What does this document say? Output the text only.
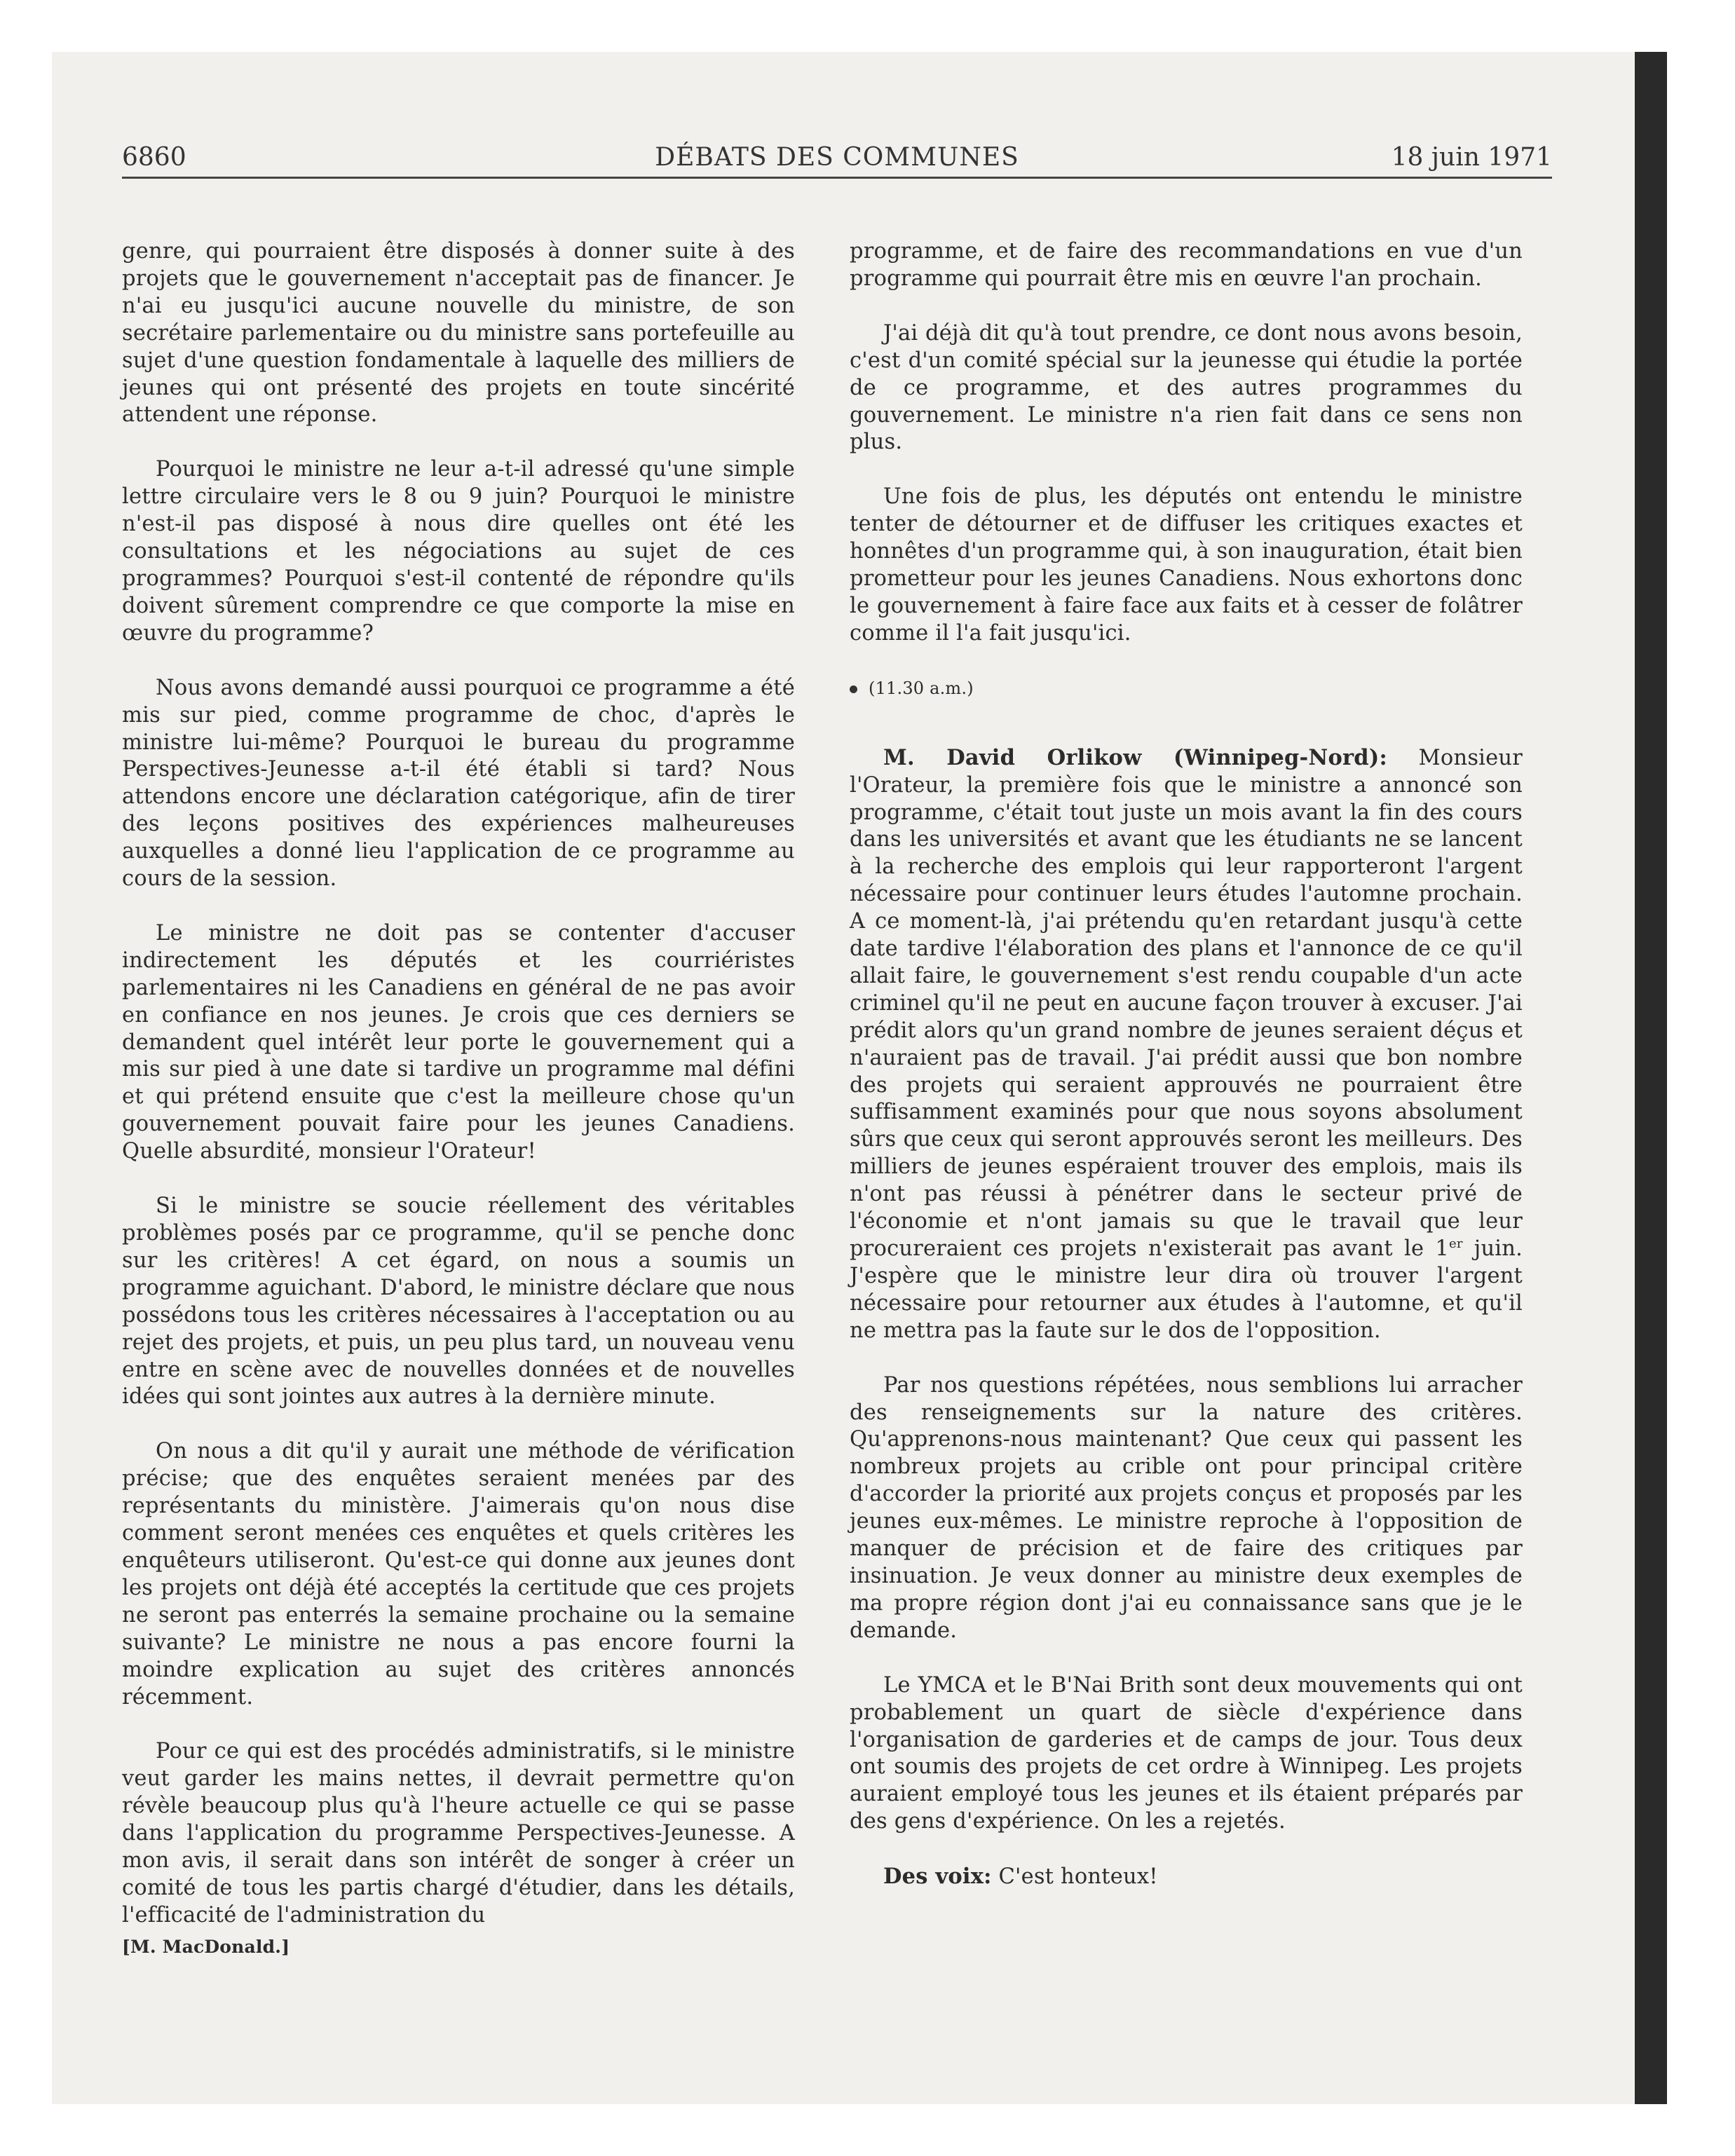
6860	DÉBATS DES COMMUNES	18 juin 1971

genre, qui pourraient être disposés à donner suite à des projets que le gouvernement n'acceptait pas de financer. Je n'ai eu jusqu'ici aucune nouvelle du ministre, de son secrétaire parlementaire ou du ministre sans portefeuille au sujet d'une question fondamentale à laquelle des milliers de jeunes qui ont présenté des projets en toute sincérité attendent une réponse.

Pourquoi le ministre ne leur a-t-il adressé qu'une simple lettre circulaire vers le 8 ou 9 juin? Pourquoi le ministre n'est-il pas disposé à nous dire quelles ont été les consultations et les négociations au sujet de ces programmes? Pourquoi s'est-il contenté de répondre qu'ils doivent sûrement comprendre ce que comporte la mise en œuvre du programme?

Nous avons demandé aussi pourquoi ce programme a été mis sur pied, comme programme de choc, d'après le ministre lui-même? Pourquoi le bureau du programme Perspectives-Jeunesse a-t-il été établi si tard? Nous attendons encore une déclaration catégorique, afin de tirer des leçons positives des expériences malheureuses auxquelles a donné lieu l'application de ce programme au cours de la session.

Le ministre ne doit pas se contenter d'accuser indirectement les députés et les courriéristes parlementaires ni les Canadiens en général de ne pas avoir en confiance en nos jeunes. Je crois que ces derniers se demandent quel intérêt leur porte le gouvernement qui a mis sur pied à une date si tardive un programme mal défini et qui prétend ensuite que c'est la meilleure chose qu'un gouvernement pouvait faire pour les jeunes Canadiens. Quelle absurdité, monsieur l'Orateur!

Si le ministre se soucie réellement des véritables problèmes posés par ce programme, qu'il se penche donc sur les critères! A cet égard, on nous a soumis un programme aguichant. D'abord, le ministre déclare que nous possédons tous les critères nécessaires à l'acceptation ou au rejet des projets, et puis, un peu plus tard, un nouveau venu entre en scène avec de nouvelles données et de nouvelles idées qui sont jointes aux autres à la dernière minute.

On nous a dit qu'il y aurait une méthode de vérification précise; que des enquêtes seraient menées par des représentants du ministère. J'aimerais qu'on nous dise comment seront menées ces enquêtes et quels critères les enquêteurs utiliseront. Qu'est-ce qui donne aux jeunes dont les projets ont déjà été acceptés la certitude que ces projets ne seront pas enterrés la semaine prochaine ou la semaine suivante? Le ministre ne nous a pas encore fourni la moindre explication au sujet des critères annoncés récemment.

Pour ce qui est des procédés administratifs, si le ministre veut garder les mains nettes, il devrait permettre qu'on révèle beaucoup plus qu'à l'heure actuelle ce qui se passe dans l'application du programme Perspectives-Jeunesse. A mon avis, il serait dans son intérêt de songer à créer un comité de tous les partis chargé d'étudier, dans les détails, l'efficacité de l'administration du

[M. MacDonald.]

programme, et de faire des recommandations en vue d'un programme qui pourrait être mis en œuvre l'an prochain.

J'ai déjà dit qu'à tout prendre, ce dont nous avons besoin, c'est d'un comité spécial sur la jeunesse qui étudie la portée de ce programme, et des autres programmes du gouvernement. Le ministre n'a rien fait dans ce sens non plus.

Une fois de plus, les députés ont entendu le ministre tenter de détourner et de diffuser les critiques exactes et honnêtes d'un programme qui, à son inauguration, était bien prometteur pour les jeunes Canadiens. Nous exhortons donc le gouvernement à faire face aux faits et à cesser de folâtrer comme il l'a fait jusqu'ici.

(11.30 a.m.)

M. David Orlikow (Winnipeg-Nord): Monsieur l'Orateur, la première fois que le ministre a annoncé son programme, c'était tout juste un mois avant la fin des cours dans les universités et avant que les étudiants ne se lancent à la recherche des emplois qui leur rapporteront l'argent nécessaire pour continuer leurs études l'automne prochain. A ce moment-là, j'ai prétendu qu'en retardant jusqu'à cette date tardive l'élaboration des plans et l'annonce de ce qu'il allait faire, le gouvernement s'est rendu coupable d'un acte criminel qu'il ne peut en aucune façon trouver à excuser. J'ai prédit alors qu'un grand nombre de jeunes seraient déçus et n'auraient pas de travail. J'ai prédit aussi que bon nombre des projets qui seraient approuvés ne pourraient être suffisamment examinés pour que nous soyons absolument sûrs que ceux qui seront approuvés seront les meilleurs. Des milliers de jeunes espéraient trouver des emplois, mais ils n'ont pas réussi à pénétrer dans le secteur privé de l'économie et n'ont jamais su que le travail que leur procureraient ces projets n'existerait pas avant le 1er juin. J'espère que le ministre leur dira où trouver l'argent nécessaire pour retourner aux études à l'automne, et qu'il ne mettra pas la faute sur le dos de l'opposition.

Par nos questions répétées, nous semblions lui arracher des renseignements sur la nature des critères. Qu'apprenons-nous maintenant? Que ceux qui passent les nombreux projets au crible ont pour principal critère d'accorder la priorité aux projets conçus et proposés par les jeunes eux-mêmes. Le ministre reproche à l'opposition de manquer de précision et de faire des critiques par insinuation. Je veux donner au ministre deux exemples de ma propre région dont j'ai eu connaissance sans que je le demande.

Le YMCA et le B'Nai Brith sont deux mouvements qui ont probablement un quart de siècle d'expérience dans l'organisation de garderies et de camps de jour. Tous deux ont soumis des projets de cet ordre à Winnipeg. Les projets auraient employé tous les jeunes et ils étaient préparés par des gens d'expérience. On les a rejetés.

Des voix: C'est honteux!
